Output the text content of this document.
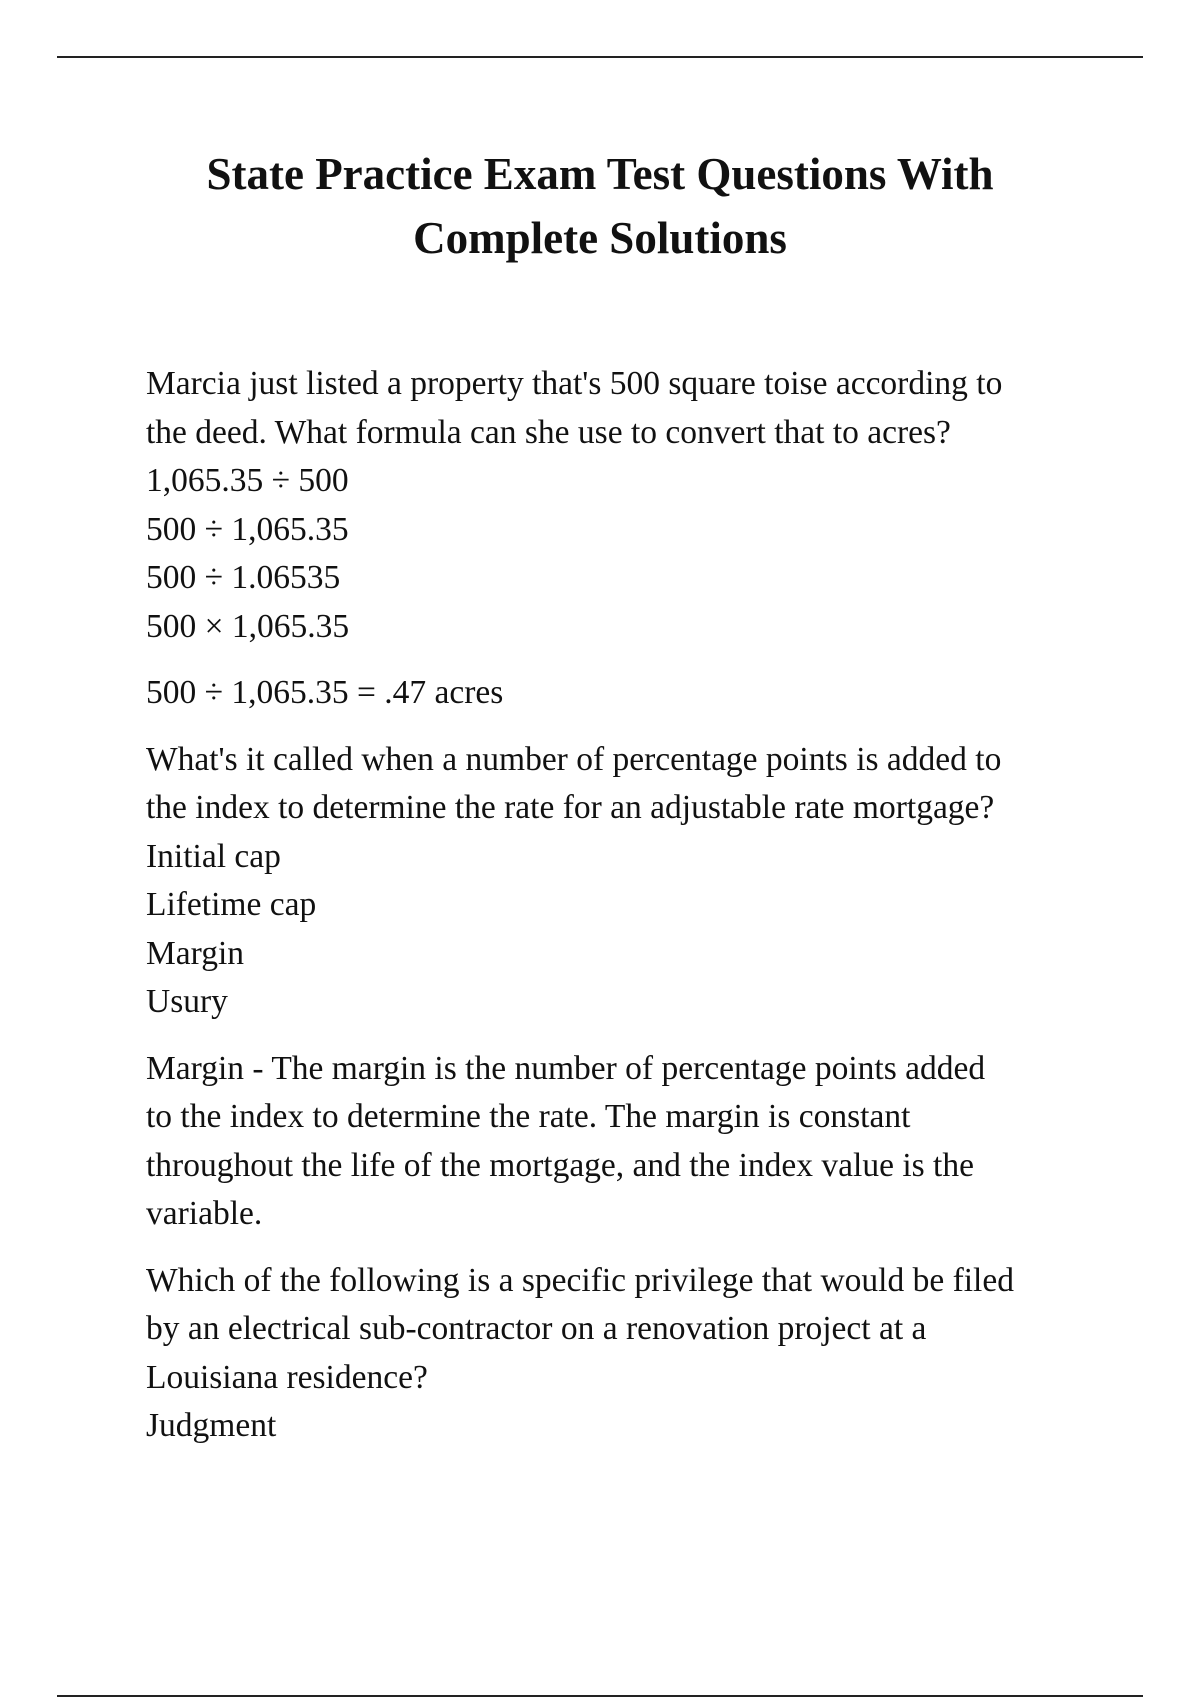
State Practice Exam Test Questions With
Complete Solutions
Marcia just listed a property that's 500 square toise according to
the deed. What formula can she use to convert that to acres?
1,065.35 ÷ 500
500 ÷ 1,065.35
500 ÷ 1.06535
500 × 1,065.35
500 ÷ 1,065.35 = .47 acres
What's it called when a number of percentage points is added to
the index to determine the rate for an adjustable rate mortgage?
Initial cap
Lifetime cap
Margin
Usury
Margin - The margin is the number of percentage points added
to the index to determine the rate. The margin is constant
throughout the life of the mortgage, and the index value is the
variable.
Which of the following is a specific privilege that would be filed
by an electrical sub-contractor on a renovation project at a
Louisiana residence?
Judgment
